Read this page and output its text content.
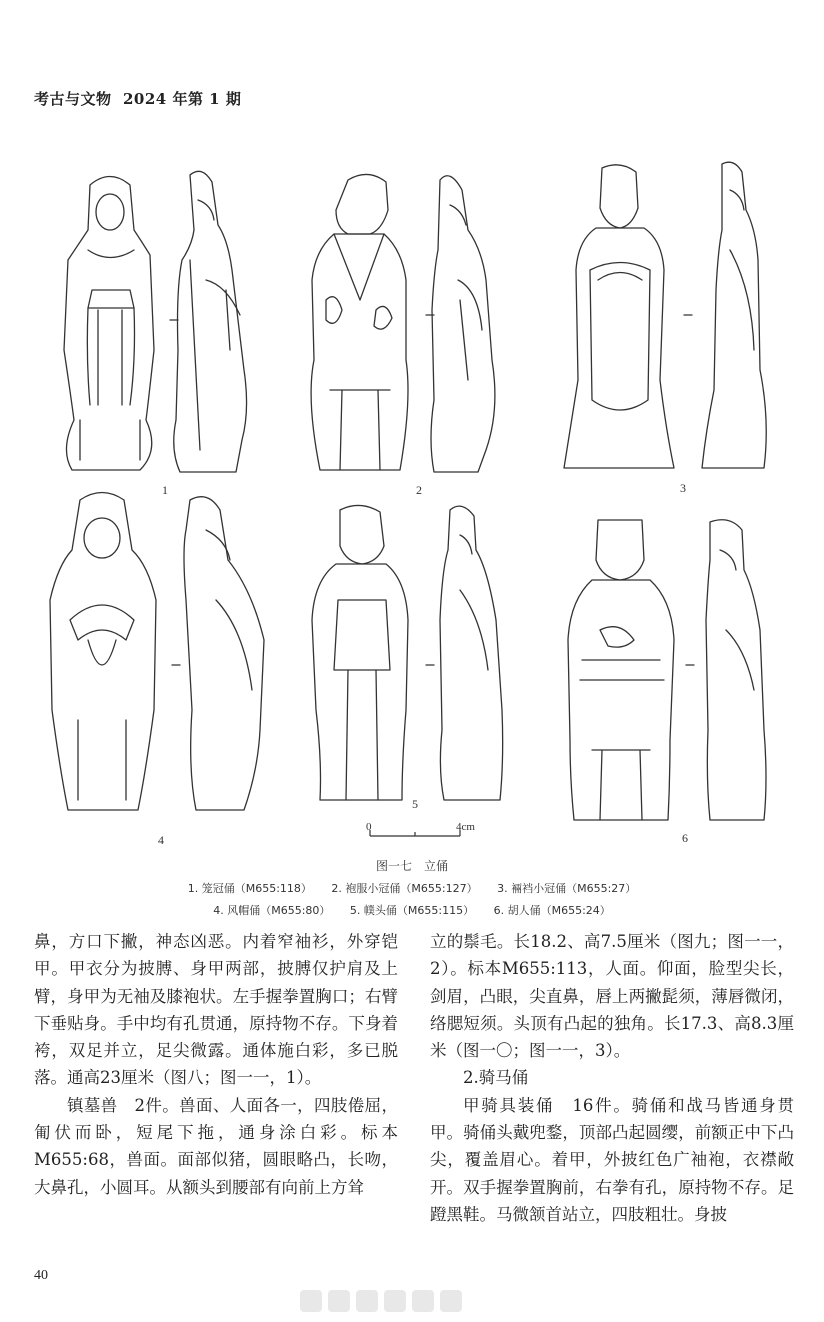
考古与文物 2024 年第 1 期
1	2	3
4
5
6
0	4cm
图一七　立俑
1. 笼冠俑（M655:118） 2. 袍服小冠俑（M655:127） 3. 裲裆小冠俑（M655:27）
4. 风帽俑（M655:80） 5. 幞头俑（M655:115） 6. 胡人俑（M655:24）

鼻，方口下撇，神态凶恶。内着窄袖衫，外穿铠甲。甲衣分为披膊、身甲两部，披膊仅护肩及上臂，身甲为无袖及膝袍状。左手握拳置胸口；右臂下垂贴身。手中均有孔贯通，原持物不存。下身着袴，双足并立，足尖微露。通体施白彩，多已脱落。通高23厘米（图八；图一一，1）。

镇墓兽　2件。兽面、人面各一，四肢倦屈，匍伏而卧，短尾下拖，通身涂白彩。标本M655:68，兽面。面部似猪，圆眼略凸，长吻，大鼻孔，小圆耳。从额头到腰部有向前上方耸

立的鬃毛。长18.2、高7.5厘米（图九；图一一，2）。标本M655:113，人面。仰面，脸型尖长，剑眉，凸眼，尖直鼻，唇上两撇髭须，薄唇微闭，络腮短须。头顶有凸起的独角。长17.3、高8.3厘米（图一〇；图一一，3）。

2.骑马俑

甲骑具装俑　16件。骑俑和战马皆通身贯甲。骑俑头戴兜鍪，顶部凸起圆缨，前额正中下凸尖，覆盖眉心。着甲，外披红色广袖袍，衣襟敞开。双手握拳置胸前，右拳有孔，原持物不存。足蹬黑鞋。马微颔首站立，四肢粗壮。身披

40
